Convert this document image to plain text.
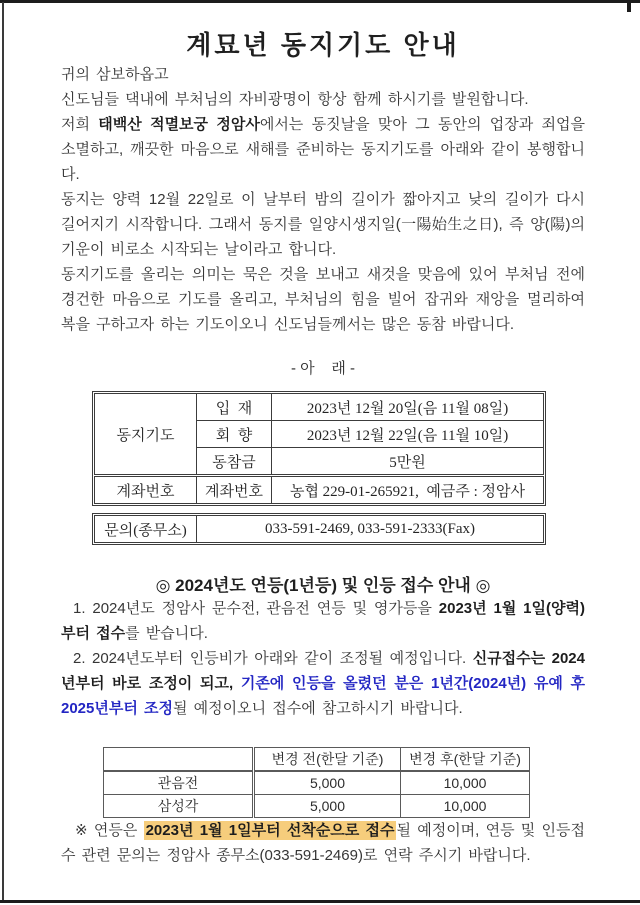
계묘년 동지기도 안내

귀의 삼보하옵고
신도님들 댁내에 부처님의 자비광명이 항상 함께 하시기를 발원합니다.

저희 태백산 적멸보궁 정암사에서는 동짓날을 맞아 그 동안의 업장과 죄업을 소멸하고, 깨끗한 마음으로 새해를 준비하는 동지기도를 아래와 같이 봉행합니다.

동지는 양력 12월 22일로 이 날부터 밤의 길이가 짧아지고 낮의 길이가 다시 길어지기 시작합니다. 그래서 동지를 일양시생지일(一陽始生之日), 즉 양(陽)의 기운이 비로소 시작되는 날이라고 합니다.

동지기도를 올리는 의미는 묵은 것을 보내고 새것을 맞음에 있어 부처님 전에 경건한 마음으로 기도를 올리고, 부처님의 힘을 빌어 잡귀와 재앙을 멀리하여 복을 구하고자 하는 기도이오니 신도님들께서는 많은 동참 바랍니다.

- 아    래 -
동지기도	입  재	2023년 12월 20일(음 11월 08일)
	회  향	2023년 12월 22일(음 11월 10일)
	동참금	5만원
계좌번호	계좌번호	농협 229-01-265921,  예금주 : 정암사
문의(종무소)	033-591-2469, 033-591-2333(Fax)
◎ 2024년도 연등(1년등) 및 인등 접수 안내 ◎

1. 2024년도 정암사 문수전, 관음전 연등 및 영가등을 2023년 1월 1일(양력)부터 접수를 받습니다.

2. 2024년도부터 인등비가 아래와 같이 조정될 예정입니다. 신규접수는 2024년부터 바로 조정이 되고, 기존에 인등을 올렸던 분은 1년간(2024년) 유예 후 2025년부터 조정될 예정이오니 접수에 참고하시기 바랍니다.

	변경 전(한달 기준)	변경 후(한달 기준)
관음전	5,000	10,000
삼성각	5,000	10,000

※ 연등은 2023년 1월 1일부터 선착순으로 접수 될 예정이며, 연등 및 인등접수 관련 문의는 정암사 종무소(033-591-2469)로 연락 주시기 바랍니다.
